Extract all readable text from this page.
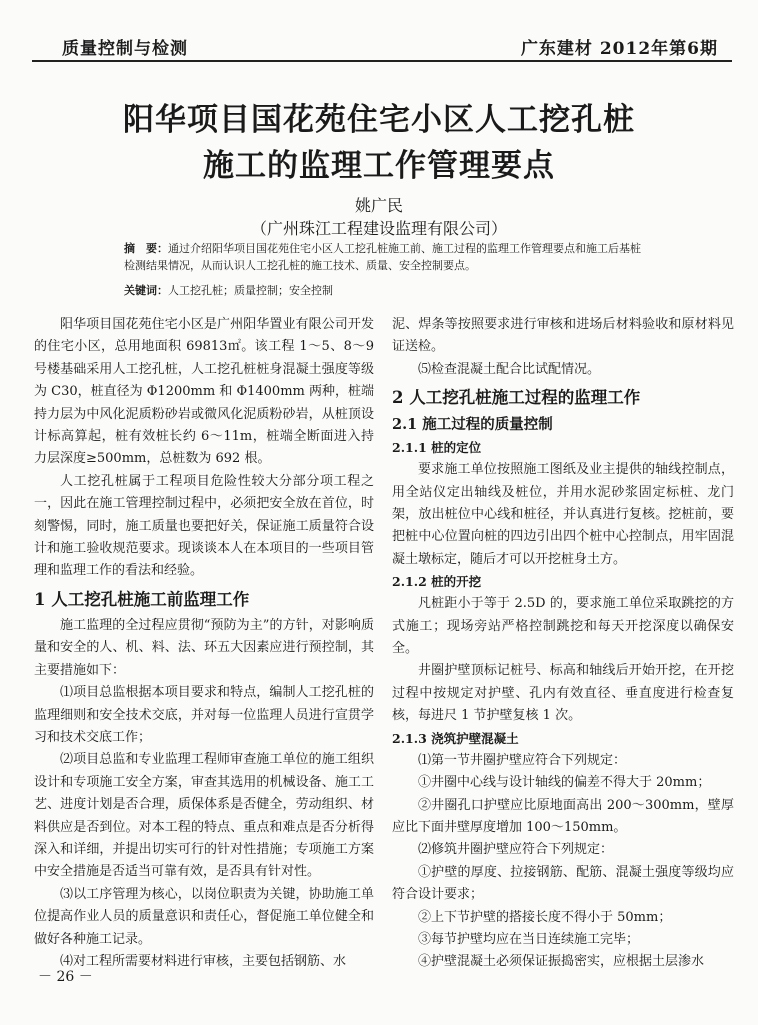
质量控制与检测	广东建材 2012年第6期
阳华项目国花苑住宅小区人工挖孔桩
施工的监理工作管理要点
姚广民
（广州珠江工程建设监理有限公司）
摘　要：通过介绍阳华项目国花苑住宅小区人工挖孔桩施工前、施工过程的监理工作管理要点和施工后基桩检测结果情况，从而认识人工挖孔桩的施工技术、质量、安全控制要点。
关键词：人工挖孔桩；质量控制；安全控制

阳华项目国花苑住宅小区是广州阳华置业有限公司开发的住宅小区，总用地面积 69813㎡。该工程 1～5、8～9 号楼基础采用人工挖孔桩，人工挖孔桩桩身混凝土强度等级为 C30，桩直径为 Φ1200mm 和 Φ1400mm 两种，桩端持力层为中风化泥质粉砂岩或微风化泥质粉砂岩，从桩顶设计标高算起，桩有效桩长约 6～11m，桩端全断面进入持力层深度≥500mm，总桩数为 692 根。

人工挖孔桩属于工程项目危险性较大分部分项工程之一，因此在施工管理控制过程中，必须把安全放在首位，时刻警惕，同时，施工质量也要把好关，保证施工质量符合设计和施工验收规范要求。现谈谈本人在本项目的一些项目管理和监理工作的看法和经验。

1 人工挖孔桩施工前监理工作

施工监理的全过程应贯彻“预防为主”的方针，对影响质量和安全的人、机、料、法、环五大因素应进行预控制，其主要措施如下：

⑴项目总监根据本项目要求和特点，编制人工挖孔桩的监理细则和安全技术交底，并对每一位监理人员进行宣贯学习和技术交底工作；

⑵项目总监和专业监理工程师审查施工单位的施工组织设计和专项施工安全方案，审查其选用的机械设备、施工工艺、进度计划是否合理，质保体系是否健全，劳动组织、材料供应是否到位。对本工程的特点、重点和难点是否分析得深入和详细，并提出切实可行的针对性措施；专项施工方案中安全措施是否适当可靠有效，是否具有针对性。

⑶以工序管理为核心，以岗位职责为关键，协助施工单位提高作业人员的质量意识和责任心，督促施工单位健全和做好各种施工记录。

⑷对工程所需要材料进行审核，主要包括钢筋、水

泥、焊条等按照要求进行审核和进场后材料验收和原材料见证送检。

⑸检查混凝土配合比试配情况。

2 人工挖孔桩施工过程的监理工作

2.1 施工过程的质量控制

2.1.1 桩的定位

要求施工单位按照施工图纸及业主提供的轴线控制点，用全站仪定出轴线及桩位，并用水泥砂浆固定标桩、龙门架，放出桩位中心线和桩径，并认真进行复核。挖桩前，要把桩中心位置向桩的四边引出四个桩中心控制点，用牢固混凝土墩标定，随后才可以开挖桩身土方。

2.1.2 桩的开挖

凡桩距小于等于 2.5D 的，要求施工单位采取跳挖的方式施工；现场旁站严格控制跳挖和每天开挖深度以确保安全。

井圈护壁顶标记桩号、标高和轴线后开始开挖，在开挖过程中按规定对护壁、孔内有效直径、垂直度进行检查复核，每进尺 1 节护壁复核 1 次。

2.1.3 浇筑护壁混凝土

⑴第一节井圈护壁应符合下列规定：

①井圈中心线与设计轴线的偏差不得大于 20mm；

②井圈孔口护壁应比原地面高出 200～300mm，壁厚应比下面井壁厚度增加 100～150mm。

⑵修筑井圈护壁应符合下列规定：

①护壁的厚度、拉接钢筋、配筋、混凝土强度等级均应符合设计要求；

②上下节护壁的搭接长度不得小于 50mm；

③每节护壁均应在当日连续施工完毕；

④护壁混凝土必须保证振捣密实，应根据土层渗水

－ 26 －
